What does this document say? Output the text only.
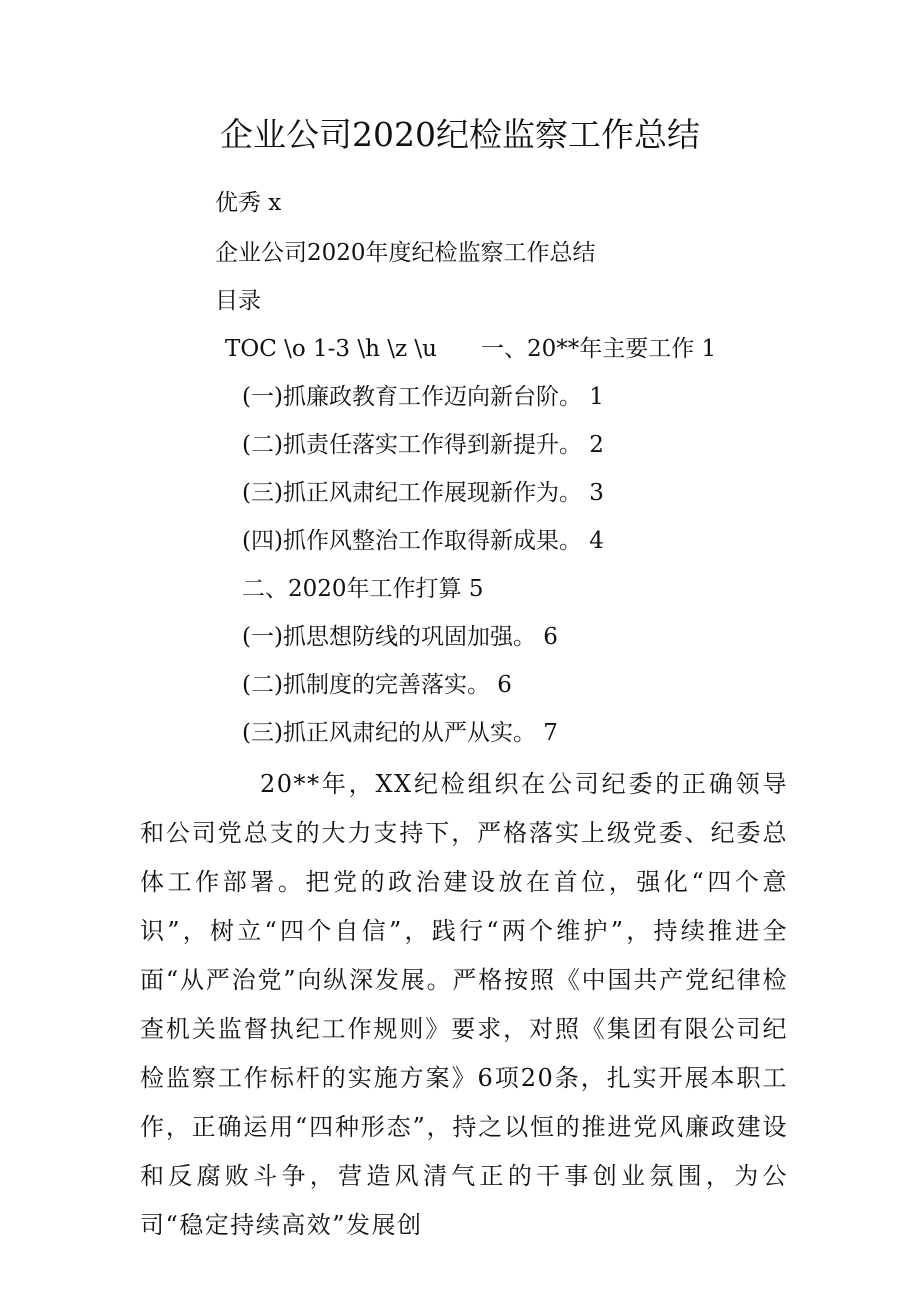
企业公司2020纪检监察工作总结
优秀 x
企业公司2020年度纪检监察工作总结
目录
TOC \o 1-3 \h \z \u 一、20**年主要工作 1
(一)抓廉政教育工作迈向新台阶。 1
(二)抓责任落实工作得到新提升。 2
(三)抓正风肃纪工作展现新作为。 3
(四)抓作风整治工作取得新成果。 4
二、2020年工作打算 5
(一)抓思想防线的巩固加强。 6
(二)抓制度的完善落实。 6
(三)抓正风肃纪的从严从实。 7

20**年，XX纪检组织在公司纪委的正确领导和公司党总支的大力支持下，严格落实上级党委、纪委总体工作部署。把党的政治建设放在首位，强化“四个意识”，树立“四个自信”，践行“两个维护”，持续推进全面“从严治党”向纵深发展。严格按照《中国共产党纪律检查机关监督执纪工作规则》要求，对照《集团有限公司纪检监察工作标杆的实施方案》6项20条，扎实开展本职工作，正确运用“四种形态”，持之以恒的推进党风廉政建设和反腐败斗争，营造风清气正的干事创业氛围，为公司“稳定持续高效”发展创
